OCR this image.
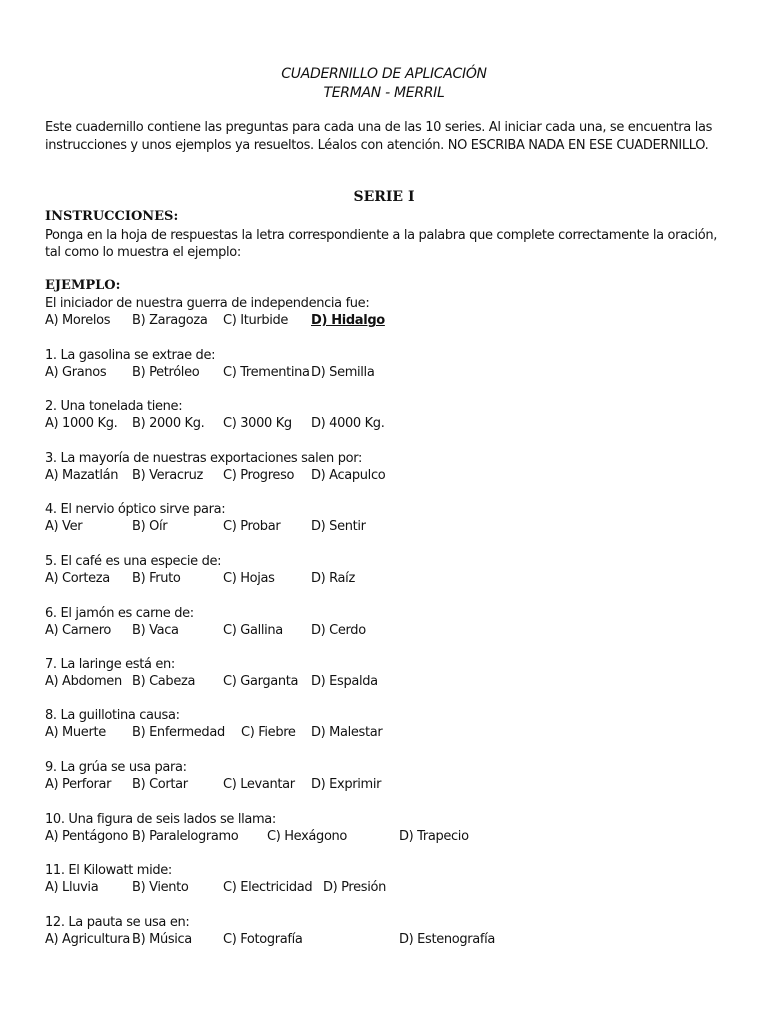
CUADERNILLO DE APLICACIÓN
TERMAN - MERRIL
Este cuadernillo contiene las preguntas para cada una de las 10 series. Al iniciar cada una, se encuentra las
instrucciones y unos ejemplos ya resueltos. Léalos con atención. NO ESCRIBA NADA EN ESE CUADERNILLO.
SERIE I
INSTRUCCIONES:
Ponga en la hoja de respuestas la letra correspondiente a la palabra que complete correctamente la oración,
tal como lo muestra el ejemplo:
EJEMPLO:
El iniciador de nuestra guerra de independencia fue:
A) Morelos B) Zaragoza C) Iturbide D) Hidalgo
1. La gasolina se extrae de:
A) Granos B) Petróleo C) Trementina D) Semilla
2. Una tonelada tiene:
A) 1000 Kg. B) 2000 Kg. C) 3000 Kg D) 4000 Kg.
3. La mayoría de nuestras exportaciones salen por:
A) Mazatlán B) Veracruz C) Progreso D) Acapulco
4. El nervio óptico sirve para:
A) Ver	B) Oír	C) Probar D) Sentir
5. El café es una especie de:
A) Corteza B) Fruto	C) Hojas	D) Raíz
6. El jamón es carne de:
A) Carnero B) Vaca	C) Gallina D) Cerdo
7. La laringe está en:
A) Abdomen B) Cabeza C) Garganta D) Espalda
8. La guillotina causa:
A) Muerte B) Enfermedad C) Fiebre D) Malestar
9. La grúa se usa para:
A) Perforar B) Cortar	C) Levantar D) Exprimir
10. Una figura de seis lados se llama:
A) Pentágono B) Paralelogramo C) Hexágono	D) Trapecio
11. El Kilowatt mide:
A) Lluvia	B) Viento	C) Electricidad D) Presión
12. La pauta se usa en:
A) Agricultura B) Música C) Fotografía	D) Estenografía
